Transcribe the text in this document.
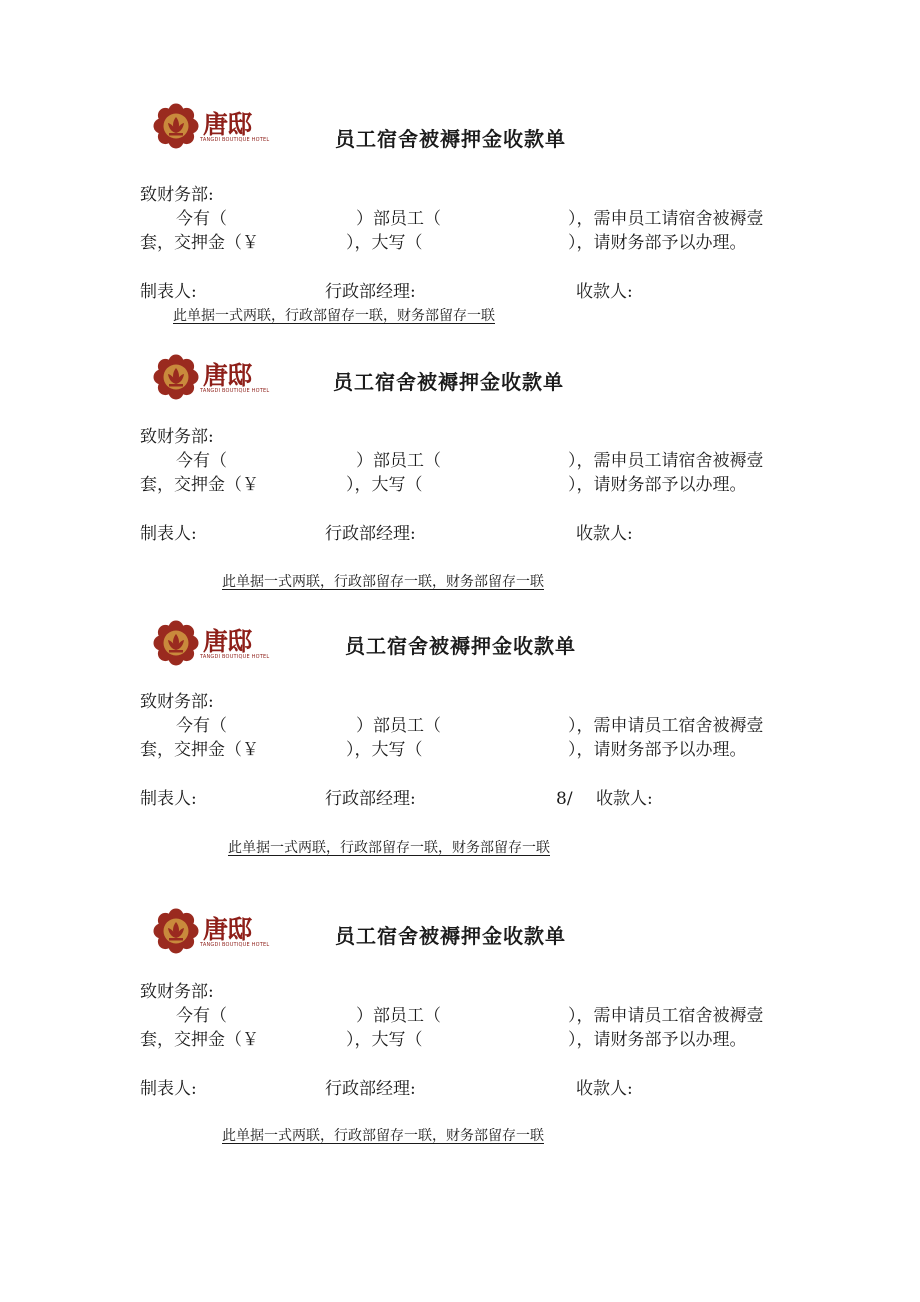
唐邸
TANGDI BOUTIQUE HOTEL	员工宿舍被褥押金收款单
致财务部:
今有（	）部员工（	），需申员工请宿舍被褥壹
套，交押金（￥	），大写（	），请财务部予以办理。
制表人:	行政部经理:	收款人:
此单据一式两联，行政部留存一联，财务部留存一联
唐邸
TANGDI BOUTIQUE HOTEL	员工宿舍被褥押金收款单
致财务部:
今有（	）部员工（	），需申员工请宿舍被褥壹
套，交押金（￥	），大写（	），请财务部予以办理。
制表人:	行政部经理:	收款人:
此单据一式两联，行政部留存一联，财务部留存一联
唐邸
TANGDI BOUTIQUE HOTEL	员工宿舍被褥押金收款单
致财务部:
今有（	）部员工（	），需申请员工宿舍被褥壹
套，交押金（￥	），大写（	），请财务部予以办理。
制表人:	行政部经理:	8/ 收款人:
此单据一式两联，行政部留存一联，财务部留存一联
唐邸
TANGDI BOUTIQUE HOTEL	员工宿舍被褥押金收款单
致财务部:
今有（	）部员工（	），需申请员工宿舍被褥壹
套，交押金（￥	），大写（	），请财务部予以办理。
制表人:	行政部经理:	收款人:
此单据一式两联，行政部留存一联，财务部留存一联
